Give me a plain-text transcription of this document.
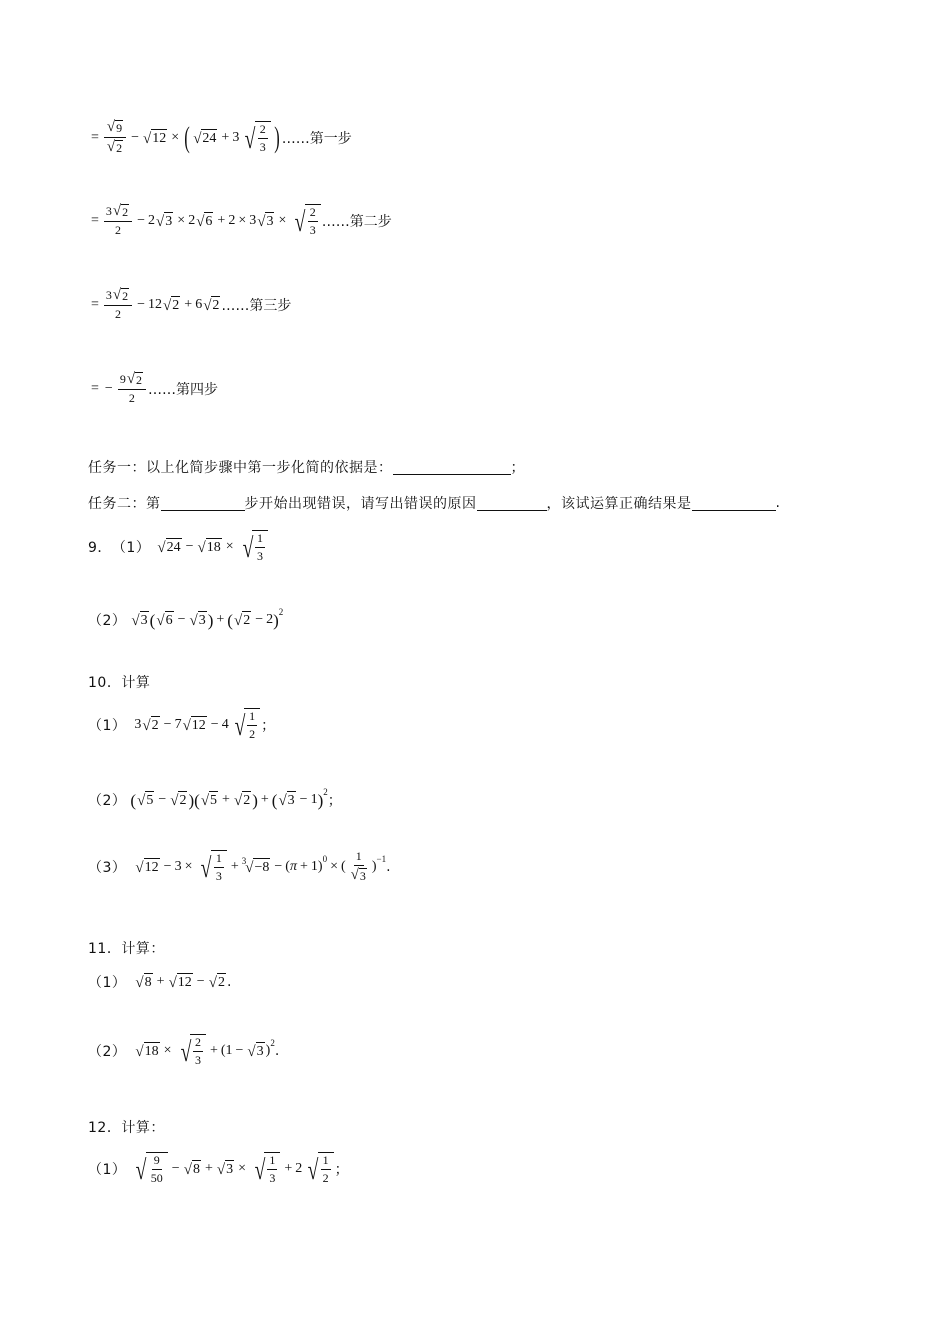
= $\frac{√ 9}{√ 2}$ − √ 12 × ( √ 24 + 3 √ $\frac{2}{3}$ ) ……第一步
= $\frac{3 √ 2}{2} - 2$ √ 3 × 2 √ 6 + 2 × 3 √ 3 × √ $\frac{2}{3}$ ……第二步
= $\frac{3 √ 2}{2} - 12$ √ 2 + 6 √ 2 ……第三步
= − $\frac{9 √ 2}{2}$ ……第四步
任务一：以上化简步骤中第一步化简的依据是：	；
任务二：第	步开始出现错误，请写出错误的原因	，该试运算正确结果是	.
9． （1） √ 24 − √ 18 × √ $\frac{1}{3}$
（2） √ 3 ( √ 6 − √ 3 ) + ( √ 2 − 2 )$^2$
10．计算
（1） 3 √ 2 − 7 √ 12 − 4 √ $\frac{1}{2}$ ；
（2） ( √ 5 − √ 2 ) ( √ 5 + √ 2 ) + ( √ 3 − 1 )$^2$
；
（3） √ 12 − 3 × √ $\frac{1}{3} + ^3$ √ −8 − ( π + 1)$^0$ × ( $\frac{1}{√ 3} )^{-1}$ .
11．计算：
（1） √ 8 + √ 12 − √ 2 .
（2） √ 18 × √ $\frac{2}{3} + (1$ − √ 3 )$^2$ .
12．计算：
（1） √ $\frac{9}{50}$ − √ 8 + √ 3 × √ $\frac{1}{3} + 2$ √ $\frac{1}{2}$ ；
